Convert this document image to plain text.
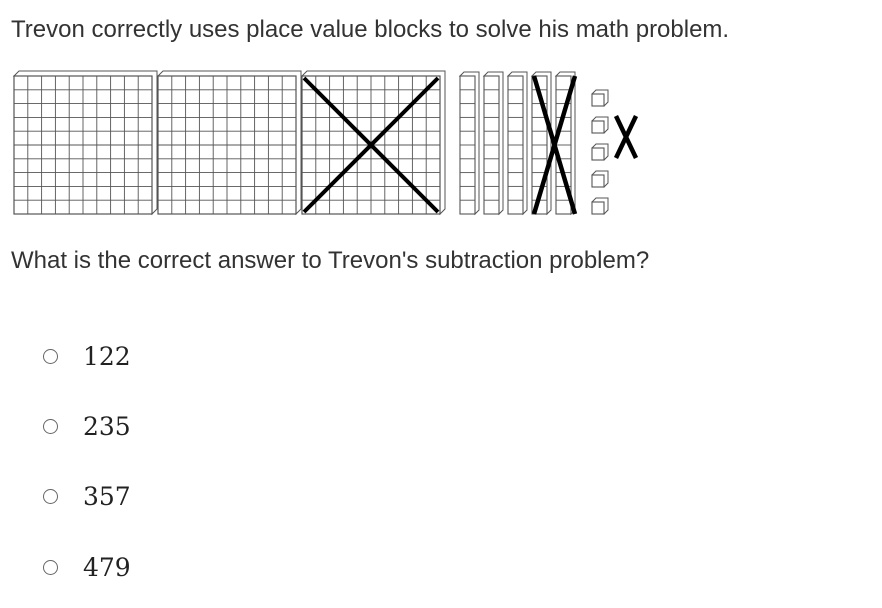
Trevon correctly uses place value blocks to solve his math problem.
What is the correct answer to Trevon's subtraction problem?
122
235
357
479
